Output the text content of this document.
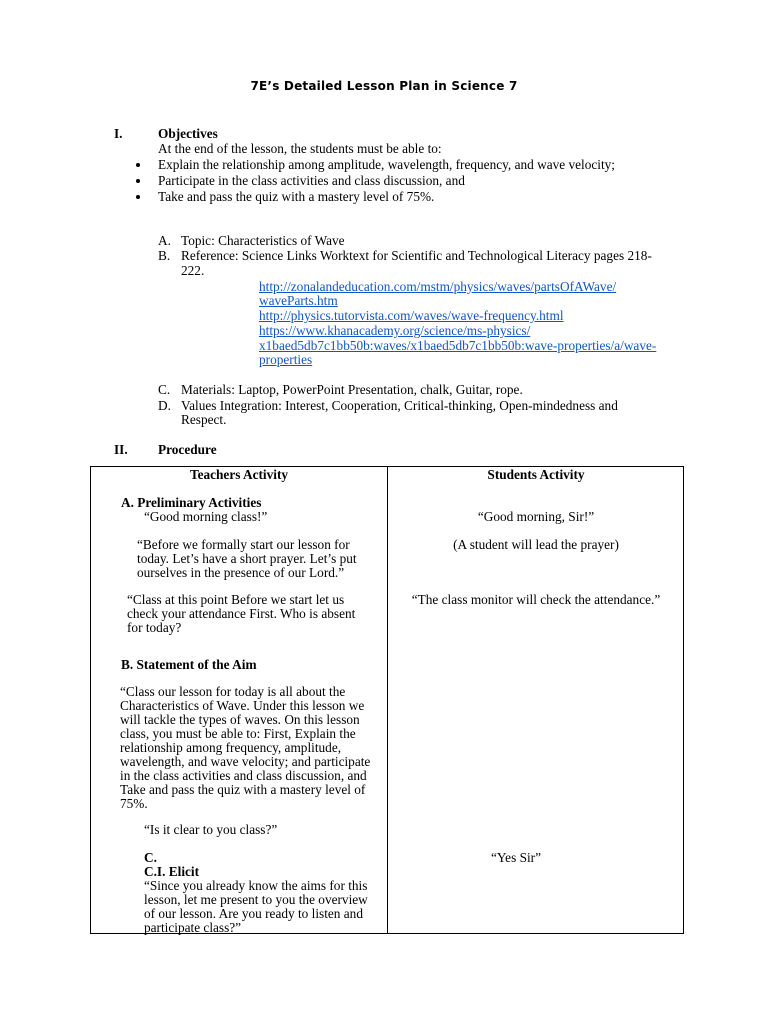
7E’s Detailed Lesson Plan in Science 7
I.	Objectives
At the end of the lesson, the students must be able to:
Explain the relationship among amplitude, wavelength, frequency, and wave velocity;
Participate in the class activities and class discussion, and
Take and pass the quiz with a mastery level of 75%.
A. Topic: Characteristics of Wave
B. Reference: Science Links Worktext for Scientific and Technological Literacy pages 218-
222.
http://zonalandeducation.com/mstm/physics/waves/partsOfAWave/
waveParts.htm
http://physics.tutorvista.com/waves/wave-frequency.html
https://www.khanacademy.org/science/ms-physics/
x1baed5db7c1bb50b:waves/x1baed5db7c1bb50b:wave-properties/a/wave-
properties
C. Materials: Laptop, PowerPoint Presentation, chalk, Guitar, rope.
D. Values Integration: Interest, Cooperation, Critical-thinking, Open-mindedness and
Respect.
II. Procedure
Teachers Activity
A. Preliminary Activities
“Good morning class!”
“Before we formally start our lesson for
today. Let’s have a short prayer. Let’s put
ourselves in the presence of our Lord.”
“Class at this point Before we start let us
check your attendance First. Who is absent
for today?
B. Statement of the Aim
“Class our lesson for today is all about the
Characteristics of Wave. Under this lesson we
will tackle the types of waves. On this lesson
class, you must be able to: First, Explain the
relationship among frequency, amplitude,
wavelength, and wave velocity; and participate
in the class activities and class discussion, and
Take and pass the quiz with a mastery level of
75%.
“Is it clear to you class?”
C.
C.I. Elicit
“Since you already know the aims for this
lesson, let me present to you the overview
of our lesson. Are you ready to listen and
participate class?”
Students Activity
“Good morning, Sir!”
(A student will lead the prayer)
“The class monitor will check the attendance.”
“Yes Sir”
